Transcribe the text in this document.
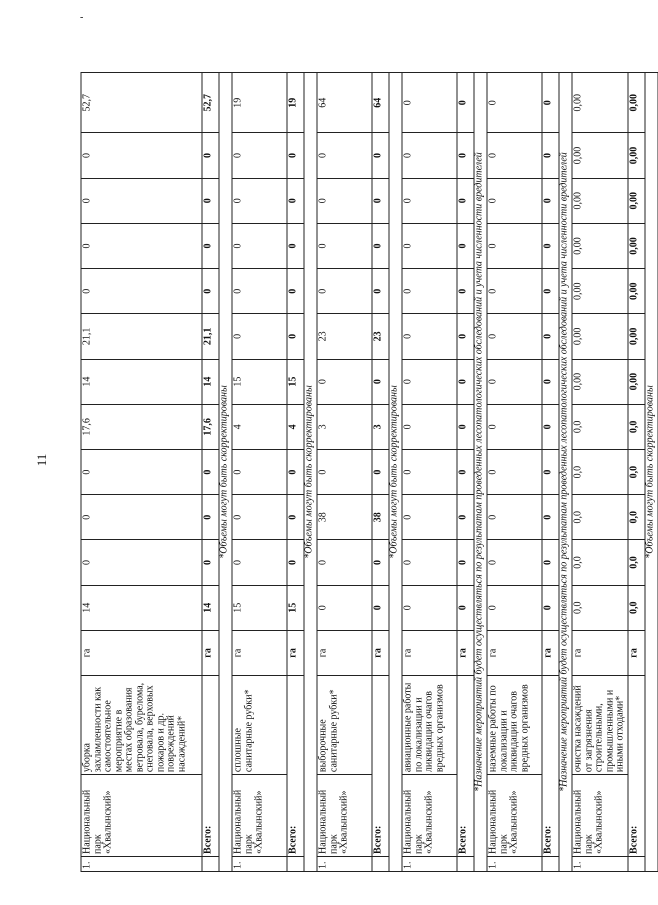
11
-
1.	Национальный парк «Хвалынский»	уборка захламленности как самостоятельное мероприятие в местах образования ветровала, бурелома, снеговала, верховых пожаров и др. повреждений насаждений*	га	14	0	0	0	17,6	14	21,1	0	0	0	0	52,7
	Всего:		га	14	0	0	0	17,6	14	21,1	0	0	0	0	52,7
*Объемы могут быть скорректированы															
1.	Национальный парк «Хвалынский»	сплошные санитарные рубки*	га	15	0	0	0	4	15	0	0	0	0	0	19
	Всего:		га	15	0	0	0	4	15	0	0	0	0	0	19
*Объемы могут быть скорректированы															
1.	Национальный парк «Хвалынский»	выборочные санитарные рубки*	га	0	0	38	0	3	0	23	0	0	0	0	64
	Всего:		га	0	0	38	0	3	0	23	0	0	0	0	64
*Объемы могут быть скорректированы															
1.	Национальный парк «Хвалынский»	авиационные работы по локализации и ликвидации очагов вредных организмов	га	0	0	0	0	0	0	0	0	0	0	0	0
	Всего:		га	0	0	0	0	0	0	0	0	0	0	0	0
*Назначение мероприятий будет осуществляться по результатам проведенных лесопатологических обследований и учета численности вредителей															
1.	Национальный парк «Хвалынский»	наземные работы по локализации и ликвидации очагов вредных организмов	га	0	0	0	0	0	0	0	0	0	0	0	0
	Всего:		га	0	0	0	0	0	0	0	0	0	0	0	0
*Назначение мероприятий будет осуществляться по результатам проведенных лесопатологических обследований и учета численности вредителей															
1.	Национальный парк «Хвалынский»	очистка насаждений от загрязнения строительными, промышленными и иными отходами*	га	0,0	0,0	0,0	0,0	0,0	0,00	0,00	0,00	0,00	0,00	0,00	0,00
	Всего:		га	0,0	0,0	0,0	0,0	0,0	0,00	0,00	0,00	0,00	0,00	0,00	0,00
*Объемы могут быть скорректированы															
